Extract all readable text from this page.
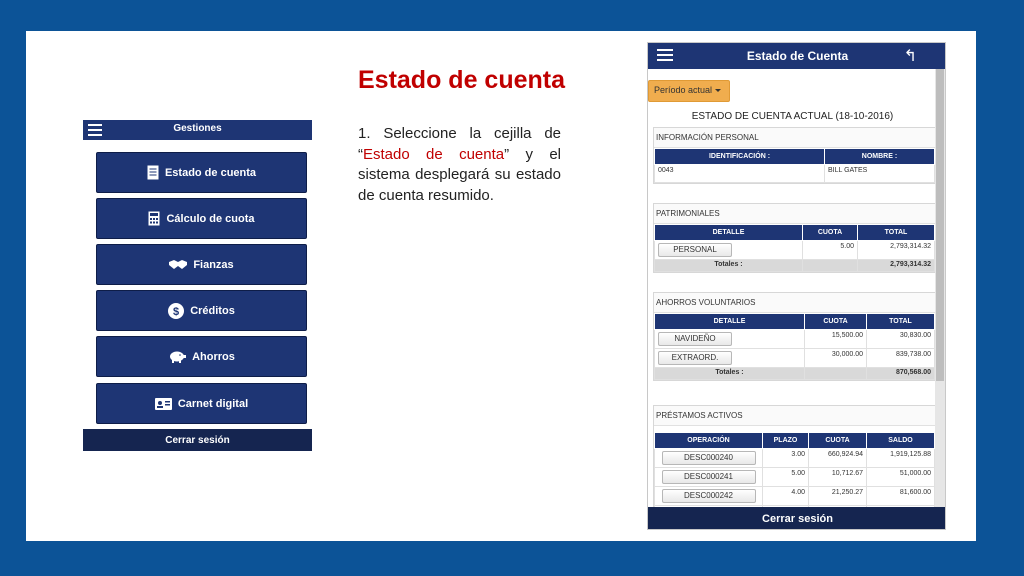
Gestiones
Estado de cuenta
Cálculo de cuota
Fianzas
$ Créditos
Ahorros
Carnet digital
Cerrar sesión
Estado de cuenta

1. Seleccione la cejilla de “Estado de cuenta” y el sistema desplegará su estado de cuenta resumido.

Estado de Cuenta	↰
Período actual
ESTADO DE CUENTA ACTUAL (18-10-2016)
INFORMACIÓN PERSONAL
IDENTIFICACIÓN :	NOMBRE :
0043	BILL GATES
PATRIMONIALES
DETALLE	CUOTA	TOTAL
PERSONAL	5.00	2,793,314.32
Totales :		2,793,314.32
AHORROS VOLUNTARIOS
DETALLE	CUOTA	TOTAL
NAVIDEÑO	15,500.00	30,830.00
EXTRAORD.	30,000.00	839,738.00
Totales :		870,568.00
PRÉSTAMOS ACTIVOS
OPERACIÓN	PLAZO	CUOTA	SALDO
DESC000240	3.00	660,924.94	1,919,125.88
DESC000241	5.00	10,712.67	51,000.00
DESC000242	4.00	21,250.27	81,600.00

Cerrar sesión
